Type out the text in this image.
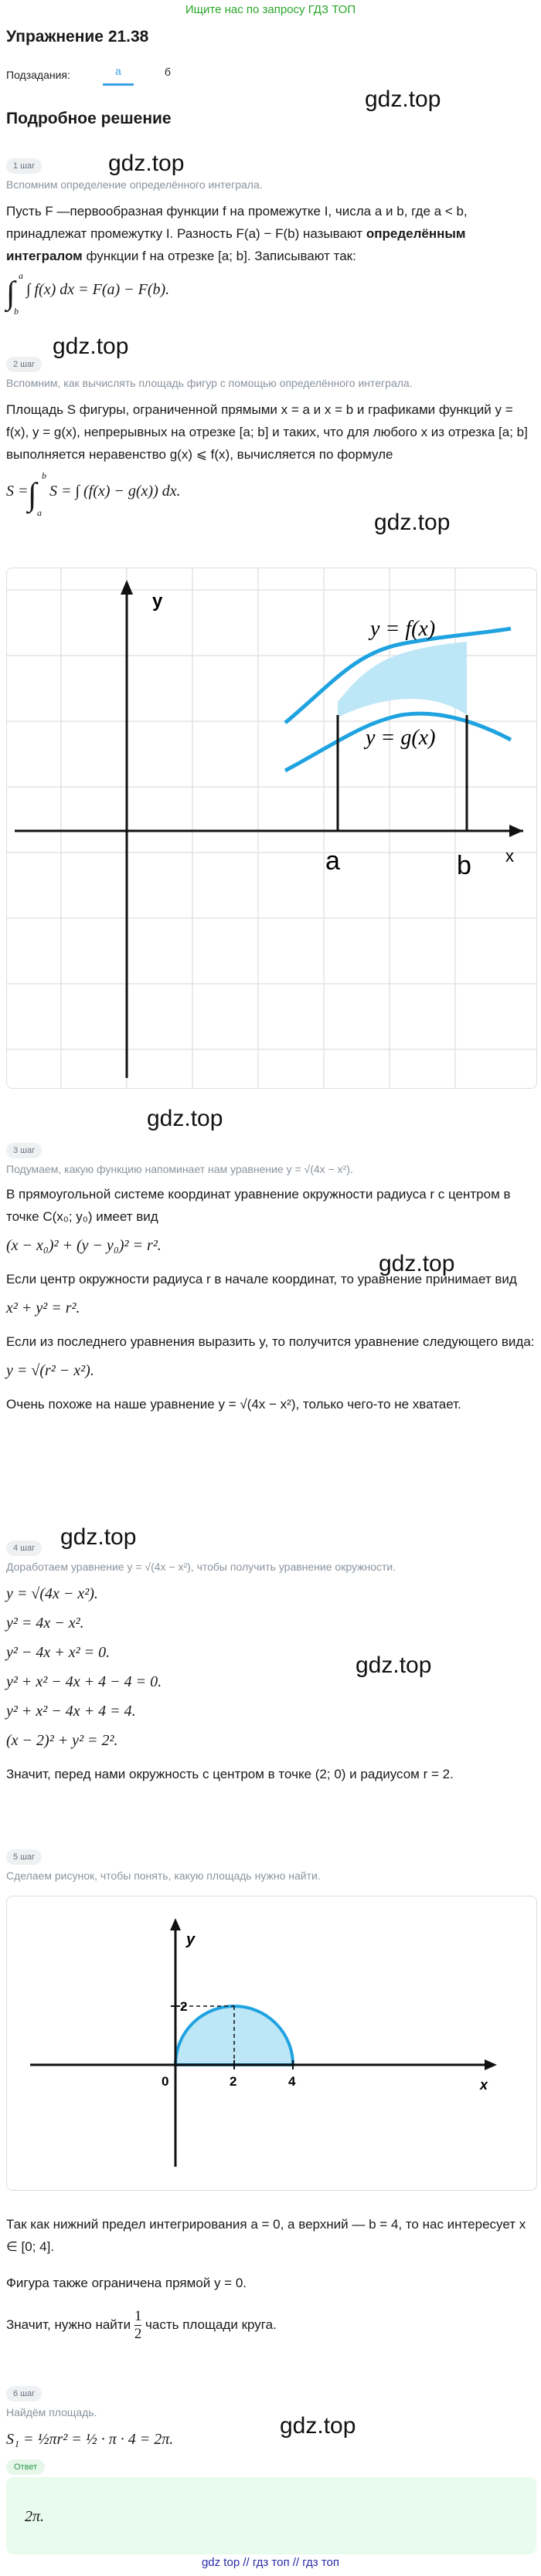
Ищите нас по запросу ГДЗ ТОП
Упражнение 21.38
Подзадания:	а	б
Подробное решение
gdz.top
gdz.top
gdz.top
gdz.top
gdz.top
gdz.top
gdz.top
gdz.top
gdz.top
1 шаг
Вспомним определение определённого интеграла.

Пусть F —первообразная функции f на промежутке I, числа a и b, где a < b, принадлежат промежутку I. Разность F(a) − F(b) называют определённым интегралом функции f на отрезке [a; b]. Записывают так:

∫ a
b
∫ f(x) dx = F(a) − F(b).
2 шаг
Вспомним, как вычислять площадь фигур с помощью определённого интеграла.

Площадь S фигуры, ограниченной прямыми x = a и x = b и графиками функций y = f(x), y = g(x), непрерывных на отрезке [a; b] и таких, что для любого x из отрезка [a; b] выполняется неравенство g(x) ⩽ f(x), вычисляется по формуле

∫
b
a
S = S = ∫ (f(x) − g(x)) dx.
y
x
y = f(x)
y = g(x)
a	b
3 шаг
Подумаем, какую функцию напоминает нам уравнение y = √(4x − x²).

В прямоугольной системе координат уравнение окружности радиуса r с центром в точке C(x₀; y₀) имеет вид

(x − x₀)² + (y − y₀)² = r².

Если центр окружности радиуса r в начале координат, то уравнение принимает вид

x² + y² = r².

Если из последнего уравнения выразить y, то получится уравнение следующего вида:

y = √(r² − x²).

Очень похоже на наше уравнение y = √(4x − x²), только чего-то не хватает.

4 шаг
Доработаем уравнение y = √(4x − x²), чтобы получить уравнение окружности.
y = √(4x − x²).
y² = 4x − x².
y² − 4x + x² = 0.
y² + x² − 4x + 4 − 4 = 0.
y² + x² − 4x + 4 = 4.
(x − 2)² + y² = 2².

Значит, перед нами окружность с центром в точке (2; 0) и радиусом r = 2.

5 шаг
Сделаем рисунок, чтобы понять, какую площадь нужно найти.
y
x
2
0	2	4

Так как нижний предел интегрирования a = 0, а верхний — b = 4, то нас интересует x ∈ [0; 4].

Фигура также ограничена прямой y = 0.

Значит, нужно найти $\frac{1}{2}$ часть площади круга.

6 шаг
Найдём площадь.
S₁ = ½πr² = ½ · π · 4 = 2π.
Ответ
2π.
gdz top // гдз топ // гдз топ
